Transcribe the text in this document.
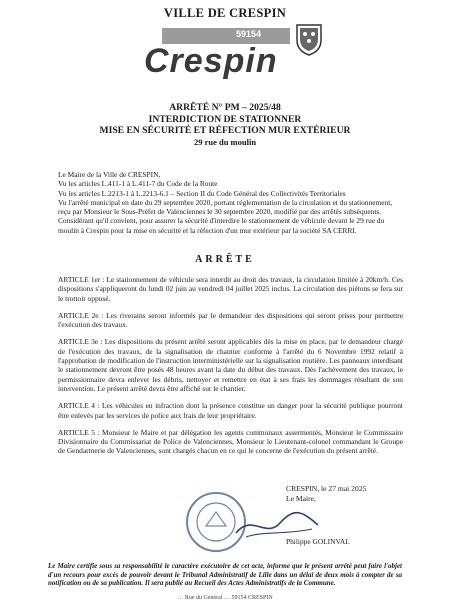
VILLE DE CRESPIN
59154
Crespin
ARRÊTÉ N° PM – 2025/48
INTERDICTION DE STATIONNER
MISE EN SÉCURITÉ ET RÉFECTION MUR EXTÉRIEUR
29 rue du moulin

Le Maire de la Ville de CRESPIN,

Vu les articles L.411-1 à L.411-7 du Code de la Route

Vu les articles L.2213-1 à L.2213-6.1 – Section II du Code Général des Collectivités Territoriales

Vu l'arrêté municipal en date du 29 septembre 2020, portant réglementation de la circulation et du stationnement, reçu par Monsieur le Sous-Préfet de Valenciennes le 30 septembre 2020, modifié par des arrêtés subséquents.

Considérant qu'il convient, pour assurer la sécurité d'interdire le stationnement de véhicule devant le 29 rue du moulin à Crespin pour la mise en sécurité et la réfection d'un mur extérieur par la société SA CERRI.

ARRÊTE

ARTICLE 1er : Le stationnement de véhicule sera interdit au droit des travaux, la circulation limitée à 20km/h. Ces dispositions s'appliqueront du lundi 02 juin au vendredi 04 juillet 2025 inclus. La circulation des piétons se fera sur le trottoir opposé.

ARTICLE 2e : Les riverains seront informés par le demandeur des dispositions qui seront prises pour permettre l'exécution des travaux.

ARTICLE 3e : Les dispositions du présent arrêté seront applicables dès la mise en place, par le demandeur chargé de l'exécution des travaux, de la signalisation de chantier conforme à l'arrêté du 6 Novembre 1992 relatif à l'approbation de modification de l'instruction interministérielle sur la signalisation routière. Les panneaux interdisant le stationnement devront être posés 48 heures avant la date du début des travaux. Dès l'achèvement des travaux, le permissionnaire devra enlever les débris, nettoyer et remettre en état à ses frais les dommages résultant de son intervention. Le présent arrêté devra être affiché sur le chantier.

ARTICLE 4 : Les véhicules en infraction dont la présence constitue un danger pour la sécurité publique pourront être enlevés par les services de police aux frais de leur propriétaire.

ARTICLE 5 : Monsieur le Maire et par délégation les agents communaux assermentés, Monsieur le Commissaire Divisionnaire du Commissariat de Police de Valenciennes, Monsieur le Lieutenant-colonel commandant le Groupe de Gendarmerie de Valenciennes, sont chargés chacun en ce qui le concerne de l'exécution du présent arrêté.

CRESPIN, le 27 mai 2025
Le Maire,
Philippe GOLINVAL
Le Maire certifie sous sa responsabilité le caractère exécutoire de cet acte, informe que le présent arrêté peut faire l'objet d'un recours pour excès de pouvoir devant le Tribunal Administratif de Lille dans un délai de deux mois à compter de sa notification ou de sa publication. Il sera publié au Recueil des Actes Administratifs de la Commune.
… Rue du Général … 59154 CRESPIN
